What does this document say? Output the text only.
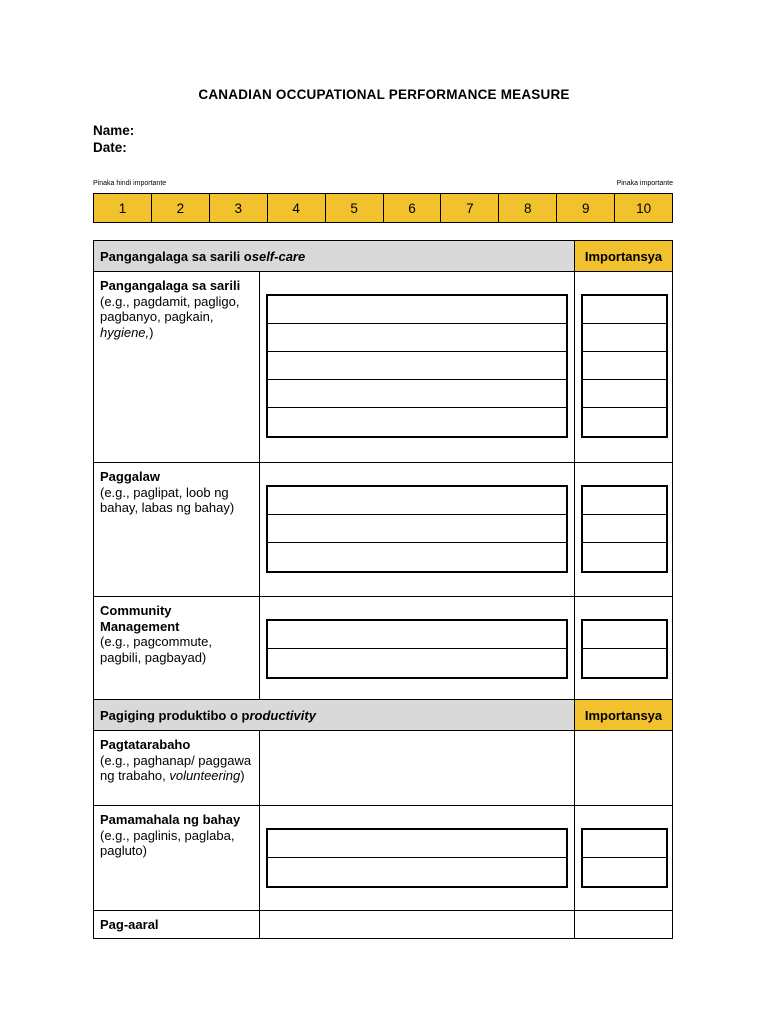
CANADIAN OCCUPATIONAL PERFORMANCE MEASURE
Name:
Date:
Pinaka hindi importante	Pinaka importante
1	2	3	4	5	6	7	8	9	10
Pangangalaga sa sarili o self-care	Importansya
Pangangalaga sa sarili
(e.g., pagdamit, pagligo, pagbanyo, pagkain, hygiene,)
Paggalaw
(e.g., paglipat, loob ng bahay, labas ng bahay)
Community Management
(e.g., pagcommute, pagbili, pagbayad)
Pagiging produktibo o p roductivity	Importansya
Pagtatarabaho
(e.g., paghanap/ paggawa ng trabaho, volunteering)
Pamamahala ng bahay
(e.g., paglinis, paglaba, pagluto)
Pag-aaral
